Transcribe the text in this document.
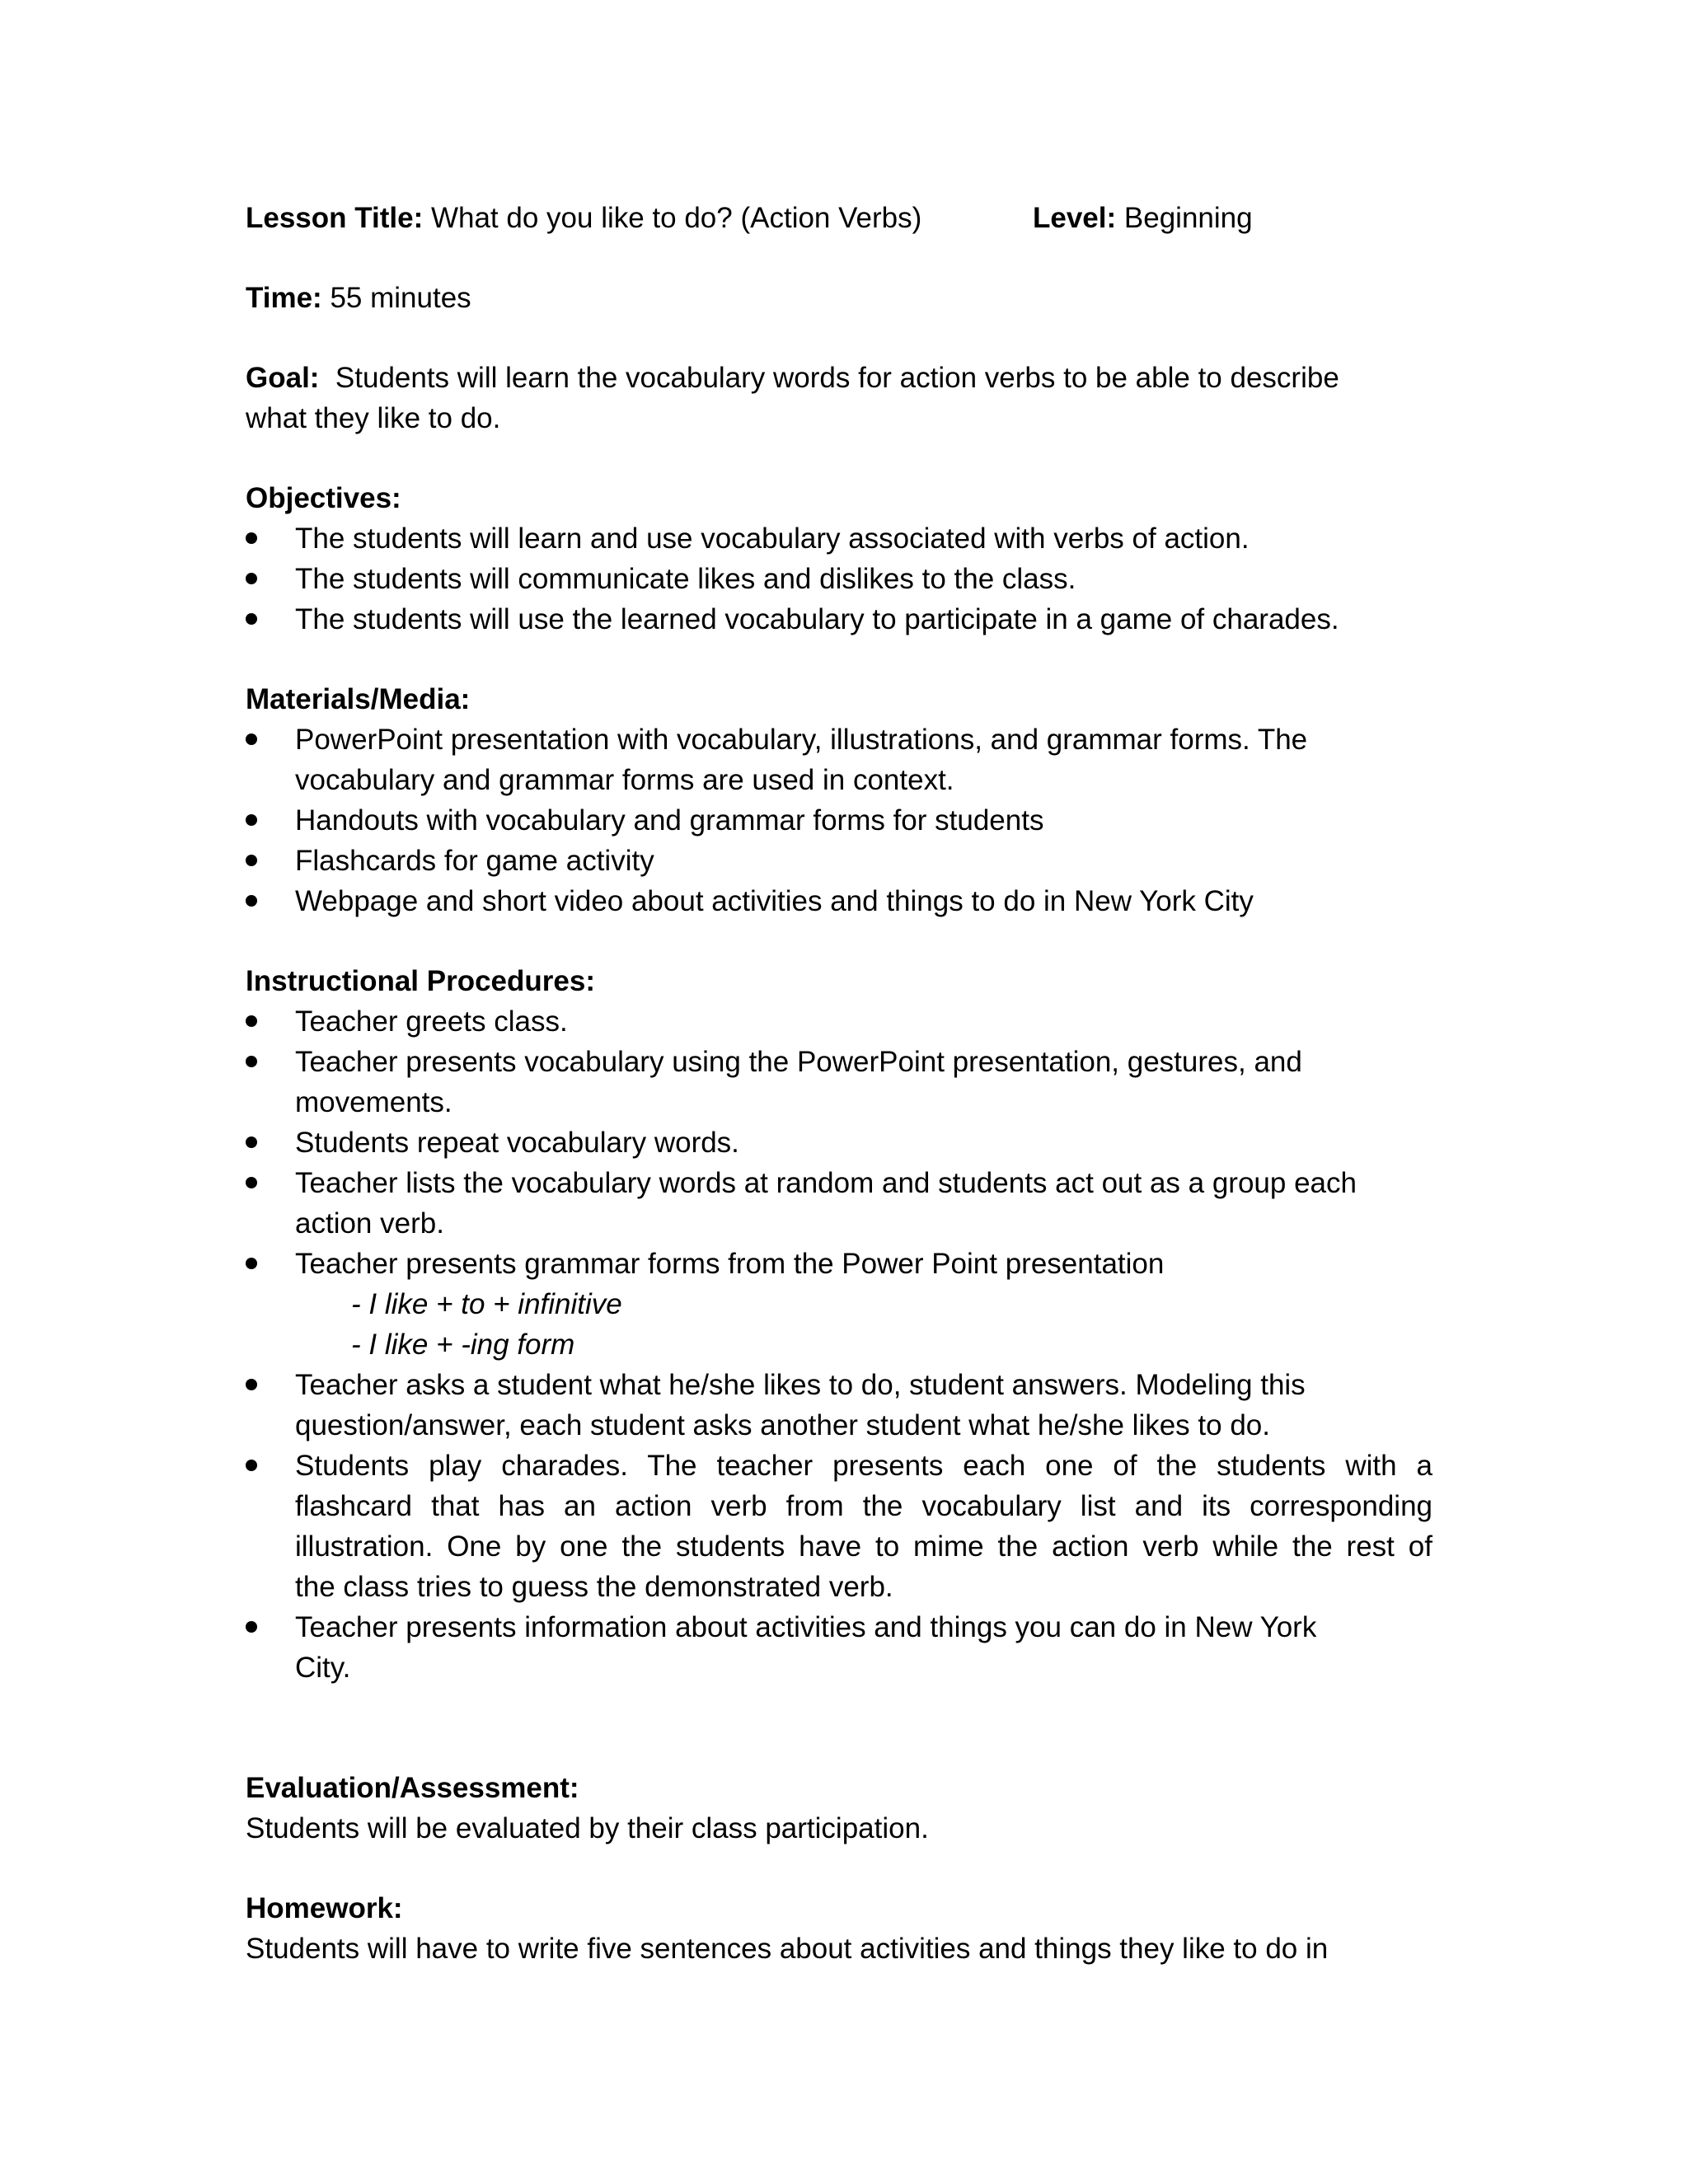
Lesson Title: What do you like to do? (Action Verbs)	Level: Beginning
Time: 55 minutes
Goal: Students will learn the vocabulary words for action verbs to be able to describe
what they like to do.
Objectives:
The students will learn and use vocabulary associated with verbs of action.
The students will communicate likes and dislikes to the class.
The students will use the learned vocabulary to participate in a game of charades.
Materials/Media:
PowerPoint presentation with vocabulary, illustrations, and grammar forms. The
vocabulary and grammar forms are used in context.
Handouts with vocabulary and grammar forms for students
Flashcards for game activity
Webpage and short video about activities and things to do in New York City
Instructional Procedures:
Teacher greets class.
Teacher presents vocabulary using the PowerPoint presentation, gestures, and
movements.
Students repeat vocabulary words.
Teacher lists the vocabulary words at random and students act out as a group each
action verb.
Teacher presents grammar forms from the Power Point presentation
- I like + to + infinitive
- I like + -ing form
Teacher asks a student what he/she likes to do, student answers. Modeling this
question/answer, each student asks another student what he/she likes to do.
Students play charades. The teacher presents each one of the students with a
flashcard that has an action verb from the vocabulary list and its corresponding
illustration. One by one the students have to mime the action verb while the rest of
the class tries to guess the demonstrated verb.
Teacher presents information about activities and things you can do in New York
City.
Evaluation/Assessment:
Students will be evaluated by their class participation.
Homework:
Students will have to write five sentences about activities and things they like to do in
